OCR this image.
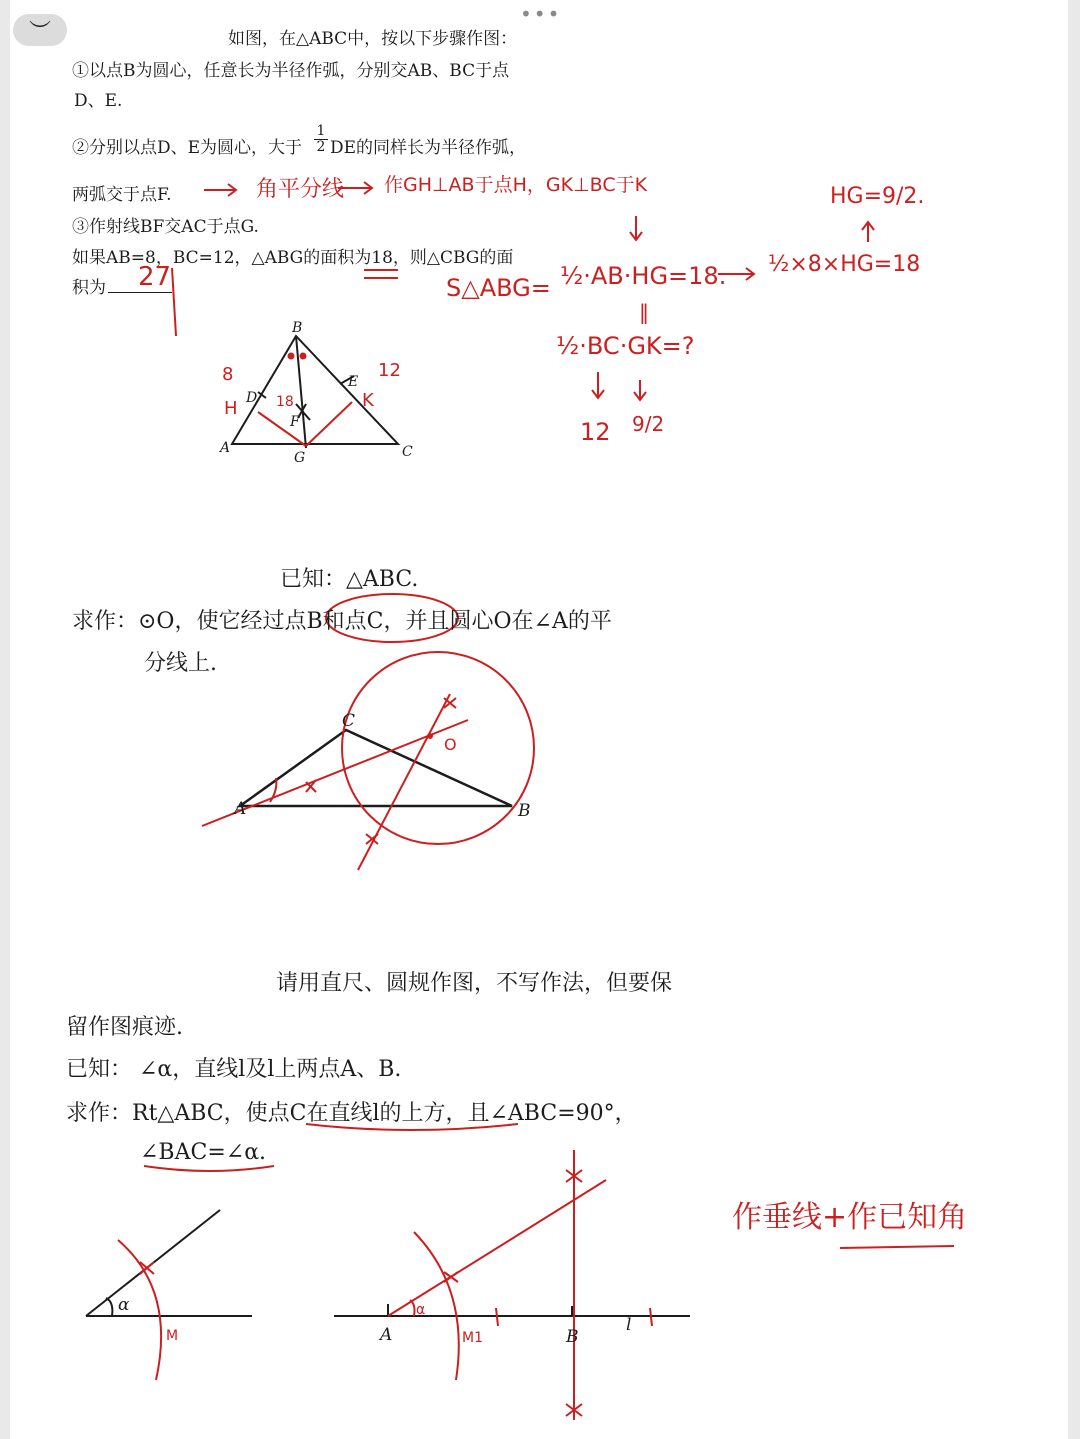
︶
•••
如图，在△ABC中，按以下步骤作图：
①以点B为圆心，任意长为半径作弧，分别交AB、BC于点
D、E.
②分别以点D、E为圆心，大于 $\frac{1}{2}$ DE的同样长为半径作弧，
两弧交于点F.
③作射线BF交AC于点G.
如果AB=8，BC=12，△ABG的面积为18，则△CBG的面
积为 27
角平分线 作GH⊥AB于点H，GK⊥BC于K
S△ABG= ½·AB·HG=18. ½×8×HG=18
HG=9/2.
‖
½·BC·GK=?
12 9/2
B
A	C
G
D
E
F
8	12
H	K
18
C
A	B
O
α
A	B
l
M	M1
α
已知：△ABC.
求作：⊙O，使它经过点B和点C，并且圆心O在∠A的平
分线上.
请用直尺、圆规作图，不写作法，但要保
留作图痕迹.
已知： ∠α，直线l及l上两点A、B.
求作：Rt△ABC，使点C在直线l的上方，且∠ABC=90°，
∠BAC=∠α.
作垂线+作已知角
